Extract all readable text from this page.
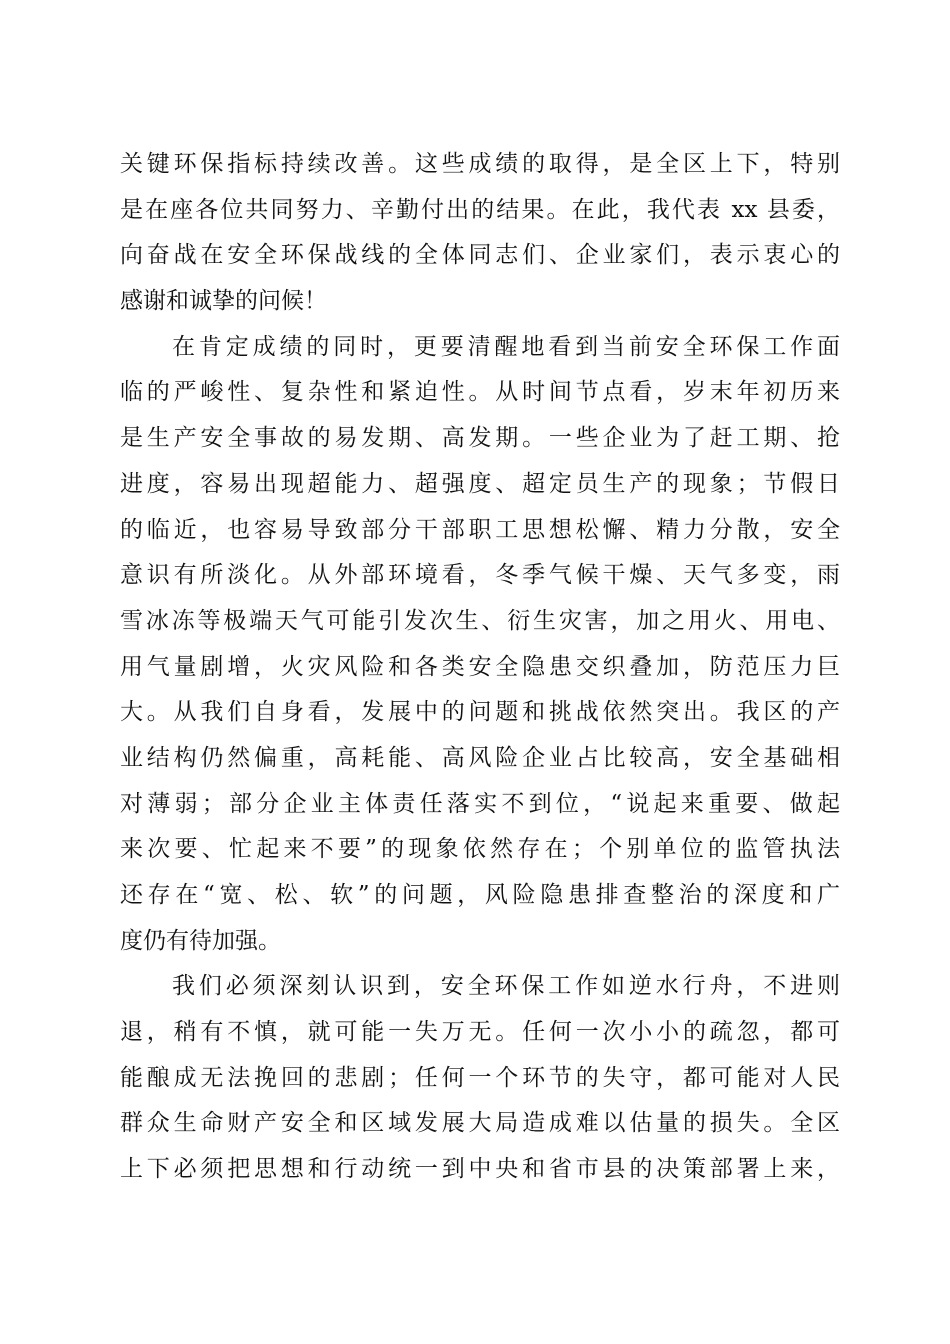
关键环保指标持续改善。这些成绩的取得，是全区上下，特别
是在座各位共同努力、辛勤付出的结果。在此，我代表 xx 县委，
向奋战在安全环保战线的全体同志们、企业家们，表示衷心的
感谢和诚挚的问候！
在肯定成绩的同时，更要清醒地看到当前安全环保工作面
临的严峻性、复杂性和紧迫性。从时间节点看，岁末年初历来
是生产安全事故的易发期、高发期。一些企业为了赶工期、抢
进度，容易出现超能力、超强度、超定员生产的现象；节假日
的临近，也容易导致部分干部职工思想松懈、精力分散，安全
意识有所淡化。从外部环境看，冬季气候干燥、天气多变，雨
雪冰冻等极端天气可能引发次生、衍生灾害，加之用火、用电、
用气量剧增，火灾风险和各类安全隐患交织叠加，防范压力巨
大。从我们自身看，发展中的问题和挑战依然突出。我区的产
业结构仍然偏重，高耗能、高风险企业占比较高，安全基础相
对薄弱；部分企业主体责任落实不到位，“说起来重要、做起
来次要、忙起来不要”的现象依然存在；个别单位的监管执法
还存在“宽、松、软”的问题，风险隐患排查整治的深度和广
度仍有待加强。
我们必须深刻认识到，安全环保工作如逆水行舟，不进则
退，稍有不慎，就可能一失万无。任何一次小小的疏忽，都可
能酿成无法挽回的悲剧；任何一个环节的失守，都可能对人民
群众生命财产安全和区域发展大局造成难以估量的损失。全区
上下必须把思想和行动统一到中央和省市县的决策部署上来，
